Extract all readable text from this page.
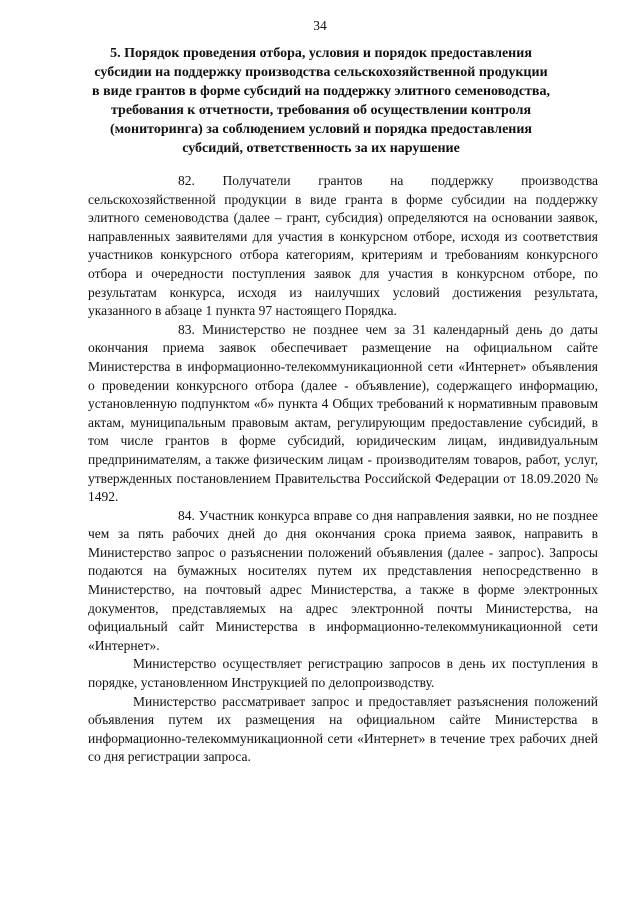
34
5. Порядок проведения отбора, условия и порядок предоставления
субсидии на поддержку производства сельскохозяйственной продукции
в виде грантов в форме субсидий на поддержку элитного семеноводства,
требования к отчетности, требования об осуществлении контроля
(мониторинга) за соблюдением условий и порядка предоставления
субсидий, ответственность за их нарушение

82. Получатели грантов на поддержку производства сельскохозяйственной продукции в виде гранта в форме субсидии на поддержку элитного семеноводства (далее – грант, субсидия) определяются на основании заявок, направленных заявителями для участия в конкурсном отборе, исходя из соответствия участников конкурсного отбора категориям, критериям и требованиям конкурсного отбора и очередности поступления заявок для участия в конкурсном отборе, по результатам конкурса, исходя из наилучших условий достижения результата, указанного в абзаце 1 пункта 97 настоящего Порядка.

83. Министерство не позднее чем за 31 календарный день до даты окончания приема заявок обеспечивает размещение на официальном сайте Министерства в информационно-телекоммуникационной сети «Интернет» объявления о проведении конкурсного отбора (далее - объявление), содержащего информацию, установленную подпунктом «б» пункта 4 Общих требований к нормативным правовым актам, муниципальным правовым актам, регулирующим предоставление субсидий, в том числе грантов в форме субсидий, юридическим лицам, индивидуальным предпринимателям, а также физическим лицам - производителям товаров, работ, услуг, утвержденных постановлением Правительства Российской Федерации от 18.09.2020 № 1492.

84. Участник конкурса вправе со дня направления заявки, но не позднее чем за пять рабочих дней до дня окончания срока приема заявок, направить в Министерство запрос о разъяснении положений объявления (далее - запрос). Запросы подаются на бумажных носителях путем их представления непосредственно в Министерство, на почтовый адрес Министерства, а также в форме электронных документов, представляемых на адрес электронной почты Министерства, на официальный сайт Министерства в информационно-телекоммуникационной сети «Интернет».

Министерство осуществляет регистрацию запросов в день их поступления в порядке, установленном Инструкцией по делопроизводству.

Министерство рассматривает запрос и предоставляет разъяснения положений объявления путем их размещения на официальном сайте Министерства в информационно-телекоммуникационной сети «Интернет» в течение трех рабочих дней со дня регистрации запроса.
